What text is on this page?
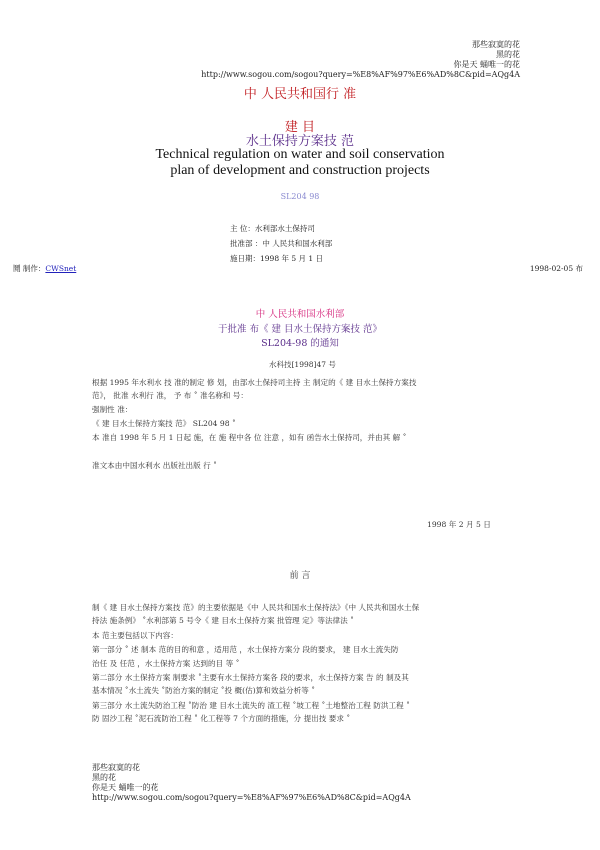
那些寂寞的花
黑的花
你是天 蛹唯一的花
http://www.sogou.com/sogou?query=%E8%AF%97%E6%AD%8C&pid=AQg4A
中 人民共和国行 准
建 目
水土保持方案技 范
Technical regulation on water and soil conservation
plan of development and construction projects
SL204 98
主 位：水利部水土保持司
批准部 ：中 人民共和国水利部
施日期：1998 年 5 月 1 日
鬩 制作：CWSnet	1998-02-05 布
中 人民共和国水利部
于批准 布《 建 目水土保持方案技 范》
SL204-98 的通知
水科技[1998]47 号
根据 1995 年水利水 技 准的制定 修 划，由部水土保持司主持 主 制定的《 建 目水土保持方案技
范》， 批准 水利行 准， 予 布 ˚ 准名称和 号：
强制性 准：
《 建 目水土保持方案技 范》 SL204 98 ˚
本 准自 1998 年 5 月 1 日起 施，在 施 程中各 位 注意 ，如有 函告水土保持司，并由其 解 ˚
准文本由中国水利水 出版社出版 行 ˚
1998 年 2 月 5 日
前 言
制《 建 目水土保持方案技 范》的主要依据是《中 人民共和国水土保持法》《中 人民共和国水土保
持法 施条例》 ˚水利部第 5 号令《 建 目水土保持方案 批管理 定》等法律法 ˚
本 范主要包括以下内容：
第一部分 ˚ 述 制本 范的目的和意 ，适用范 ，水土保持方案分 段的要求， 建 目水土流失防
治任 及 任范 ，水土保持方案 达到的目 等 ˚
第二部分 水土保持方案 制要求 ˚主要有水土保持方案各 段的要求，水土保持方案 告 的 制及其
基本情况 ˚水土流失 ˚防治方案的制定 ˚投 概(估)算和效益分析等 ˚
第三部分 水土流失防治工程 ˚防治 建 目水土流失的 渣工程 ˚坡工程 ˚土地整治工程 防洪工程 ˚
防 固沙工程 ˚泥石流防治工程 ˚ 化工程等 7 个方面的措施，分 提出技 要求 ˚
那些寂寞的花
黑的花
你是天 蛹唯一的花
http://www.sogou.com/sogou?query=%E8%AF%97%E6%AD%8C&pid=AQg4A
